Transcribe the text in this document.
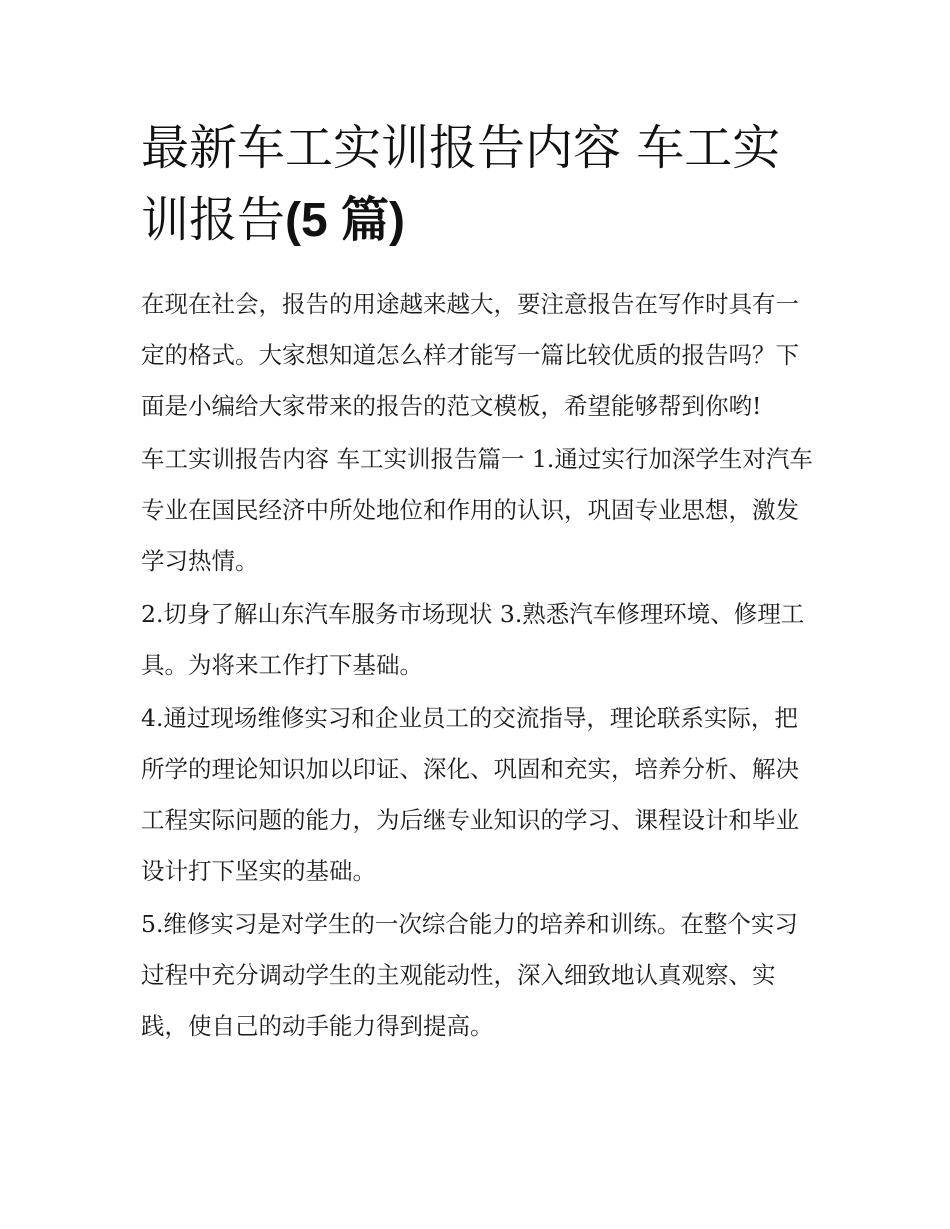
最新车工实训报告内容 车工实训报告(5 篇)

在现在社会，报告的用途越来越大，要注意报告在写作时具有一定的格式。大家想知道怎么样才能写一篇比较优质的报告吗？下面是小编给大家带来的报告的范文模板，希望能够帮到你哟!

车工实训报告内容 车工实训报告篇一 1.通过实行加深学生对汽车专业在国民经济中所处地位和作用的认识，巩固专业思想，激发学习热情。

2.切身了解山东汽车服务市场现状 3.熟悉汽车修理环境、修理工具。为将来工作打下基础。

4.通过现场维修实习和企业员工的交流指导，理论联系实际，把所学的理论知识加以印证、深化、巩固和充实，培养分析、解决工程实际问题的能力，为后继专业知识的学习、课程设计和毕业设计打下坚实的基础。

5.维修实习是对学生的一次综合能力的培养和训练。在整个实习过程中充分调动学生的主观能动性，深入细致地认真观察、实践，使自己的动手能力得到提高。
